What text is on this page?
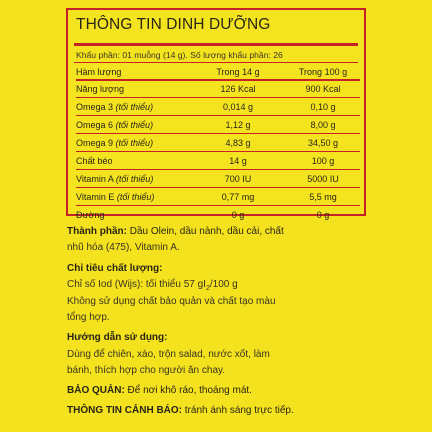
THÔNG TIN DINH DƯỠNG
Khẩu phần: 01 muỗng (14 g). Số lượng khẩu phần: 26
Hàm lượng	Trong 14 g	Trong 100 g
Năng lượng	126 Kcal	900 Kcal
Omega 3 (tối thiểu)	0,014 g	0,10 g
Omega 6 (tối thiểu)	1,12 g	8,00 g
Omega 9 (tối thiểu)	4,83 g	34,50 g
Chất béo	14 g	100 g
Vitamin A (tối thiểu)	700 IU	5000 IU
Vitamin E (tối thiểu)	0,77 mg	5,5 mg
Đường	0 g	0 g
Thành phần: Dầu Olein, dầu nành, dầu cải, chất
nhũ hóa (475), Vitamin A.
Chỉ tiêu chất lượng:
Chỉ số Iod (Wijs): tối thiểu 57 $gI_2/100$ g
Không sử dụng chất bảo quản và chất tạo màu
tổng hợp.
Hướng dẫn sử dụng:
Dùng để chiên, xào, trộn salad, nước xốt, làm
bánh, thích hợp cho người ăn chay.
BẢO QUẢN: Để nơi khô ráo, thoáng mát.
THÔNG TIN CẢNH BÁO: tránh ánh sáng trực tiếp.
